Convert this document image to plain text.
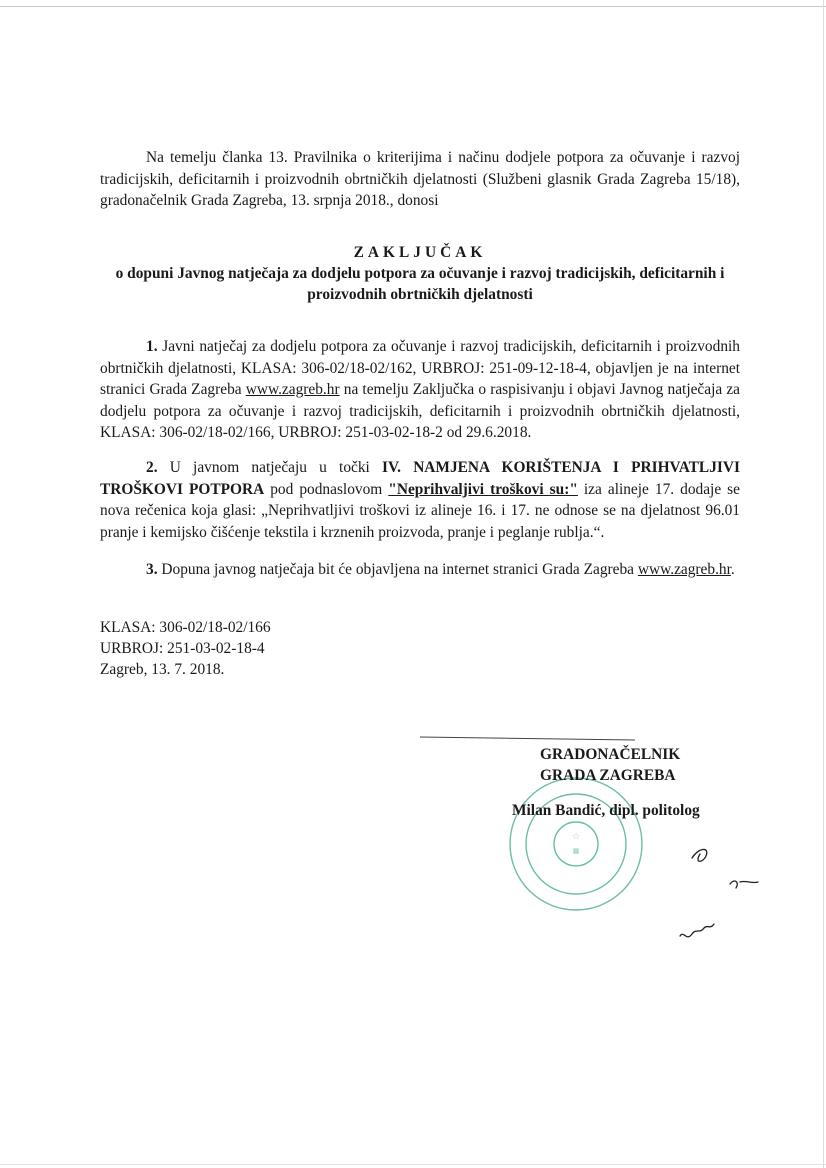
Na temelju članka 13. Pravilnika o kriterijima i načinu dodjele potpora za očuvanje i razvoj tradicijskih, deficitarnih i proizvodnih obrtničkih djelatnosti (Službeni glasnik Grada Zagreba 15/18), gradonačelnik Grada Zagreba, 13. srpnja 2018., donosi

ZAKLJUČAK
o dopuni Javnog natječaja za dodjelu potpora za očuvanje i razvoj tradicijskih, deficitarnih i proizvodnih obrtničkih djelatnosti

1. Javni natječaj za dodjelu potpora za očuvanje i razvoj tradicijskih, deficitarnih i proizvodnih obrtničkih djelatnosti, KLASA: 306-02/18-02/162, URBROJ: 251-09-12-18-4, objavljen je na internet stranici Grada Zagreba www.zagreb.hr na temelju Zaključka o raspisivanju i objavi Javnog natječaja za dodjelu potpora za očuvanje i razvoj tradicijskih, deficitarnih i proizvodnih obrtničkih djelatnosti, KLASA: 306-02/18-02/166, URBROJ: 251-03-02-18-2 od 29.6.2018.

2. U javnom natječaju u točki IV. NAMJENA KORIŠTENJA I PRIHVATLJIVI TROŠKOVI POTPORA pod podnaslovom "Neprihvaljivi troškovi su:" iza alineje 17. dodaje se nova rečenica koja glasi: „Neprihvatljivi troškovi iz alineje 16. i 17. ne odnose se na djelatnost 96.01 pranje i kemijsko čišćenje tekstila i krznenih proizvoda, pranje i peglanje rublja.“.

3. Dopuna javnog natječaja bit će objavljena na internet stranici Grada Zagreba www.zagreb.hr.

KLASA: 306-02/18-02/166
URBROJ: 251-03-02-18-4
Zagreb, 13. 7. 2018.
☆
▦
GRADONAČELNIK
GRADA ZAGREBA
Milan Bandić, dipl. politolog
